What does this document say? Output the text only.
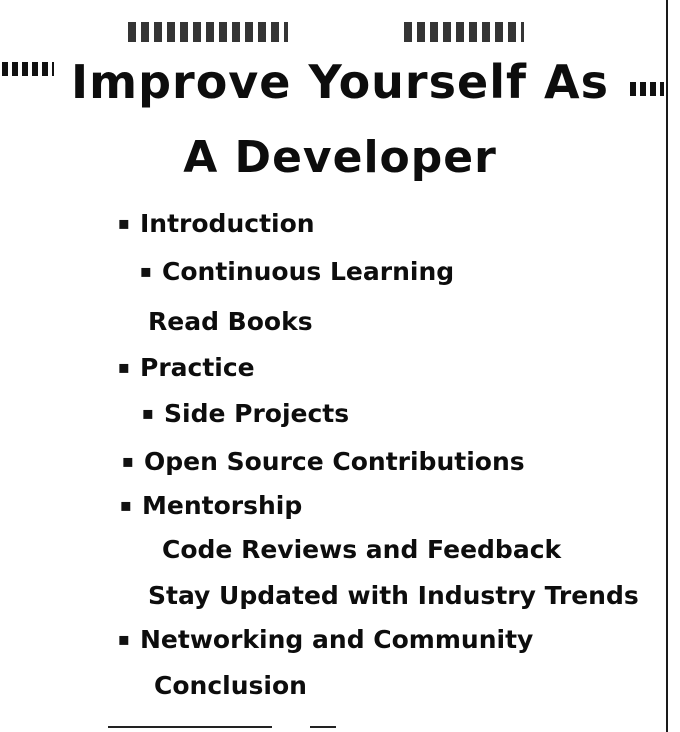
Improve Yourself As
A Developer
▪ Introduction
▪ Continuous Learning
Read Books
▪ Practice
▪ Side Projects
▪ Open Source Contributions
▪ Mentorship
Code Reviews and Feedback
Stay Updated with Industry Trends
▪ Networking and Community
Conclusion
